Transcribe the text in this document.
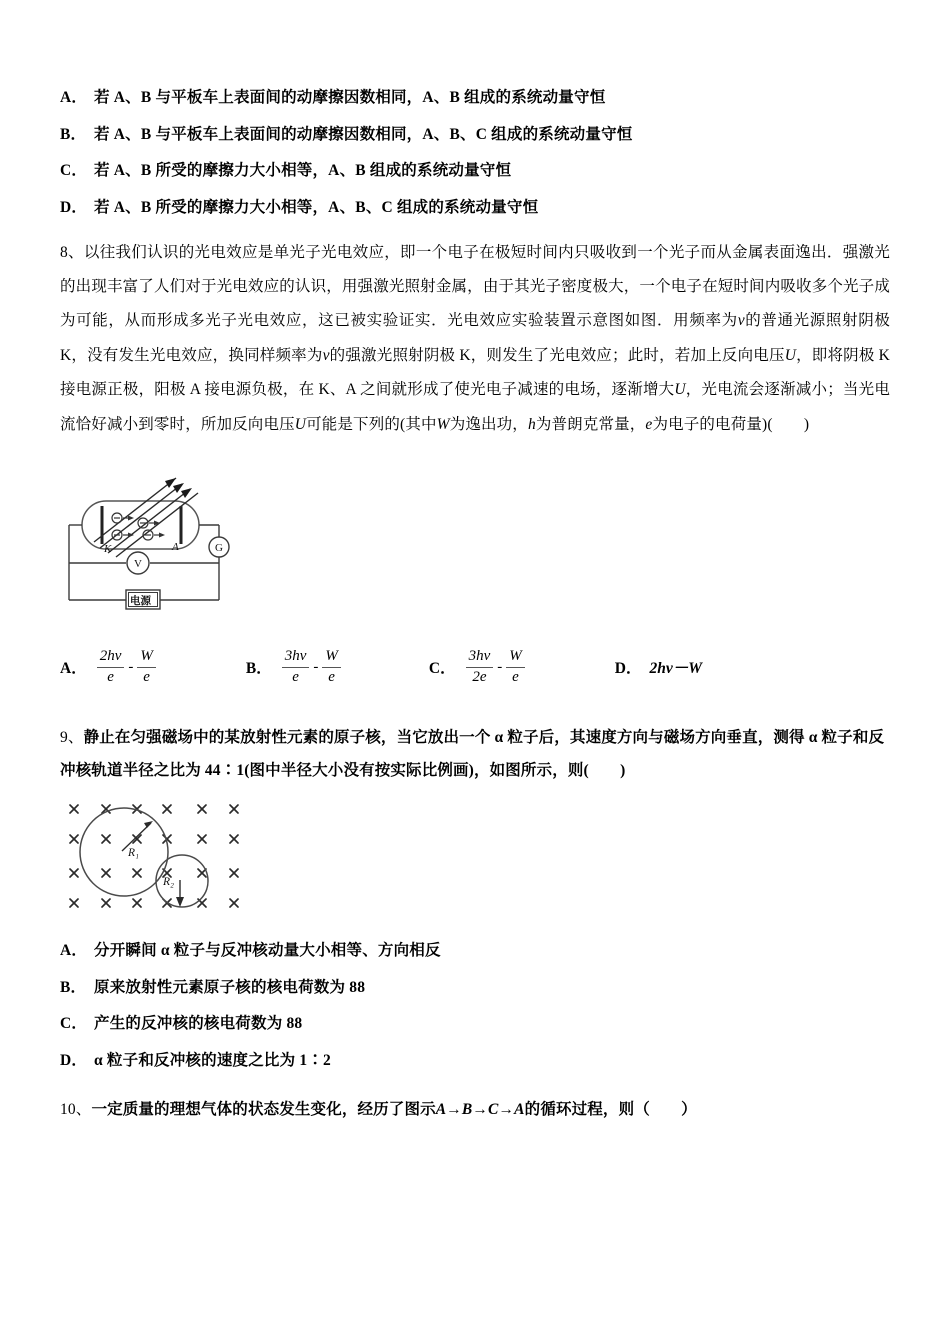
A． 若 A、B 与平板车上表面间的动摩擦因数相同，A、B 组成的系统动量守恒
B． 若 A、B 与平板车上表面间的动摩擦因数相同，A、B、C 组成的系统动量守恒
C． 若 A、B 所受的摩擦力大小相等，A、B 组成的系统动量守恒
D． 若 A、B 所受的摩擦力大小相等，A、B、C 组成的系统动量守恒

8、以往我们认识的光电效应是单光子光电效应，即一个电子在极短时间内只吸收到一个光子而从金属表面逸出．强激光的出现丰富了人们对于光电效应的认识，用强激光照射金属，由于其光子密度极大，一个电子在短时间内吸收多个光子成为可能，从而形成多光子光电效应，这已被实验证实．光电效应实验装置示意图如图．用频率为ν的普通光源照射阴极 K，没有发生光电效应，换同样频率为ν的强激光照射阴极 K，则发生了光电效应；此时，若加上反向电压U，即将阴极 K 接电源正极，阳极 A 接电源负极，在 K、A 之间就形成了使光电子减速的电场，逐渐增大U，光电流会逐渐减小；当光电流恰好减小到零时，所加反向电压U可能是下列的(其中W为逸出功，h为普朗克常量，e为电子的电荷量)(　　)

K	A	G
V
电源
A． $\frac{2h\nu}{e} - \frac{W}{e}$	B． $\frac{3h\nu}{e} - \frac{W}{e}$	C． $\frac{3h\nu}{2e} - \frac{W}{e}$	D． 2hν－W

9、静止在匀强磁场中的某放射性元素的原子核，当它放出一个 α 粒子后，其速度方向与磁场方向垂直，测得 α 粒子和反冲核轨道半径之比为 44∶1(图中半径大小没有按实际比例画)，如图所示，则(　　)

R₁
R₂
A． 分开瞬间 α 粒子与反冲核动量大小相等、方向相反
B． 原来放射性元素原子核的核电荷数为 88
C． 产生的反冲核的核电荷数为 88
D． α 粒子和反冲核的速度之比为 1∶2

10、一定质量的理想气体的状态发生变化，经历了图示A→B→C→A的循环过程，则（　　）
